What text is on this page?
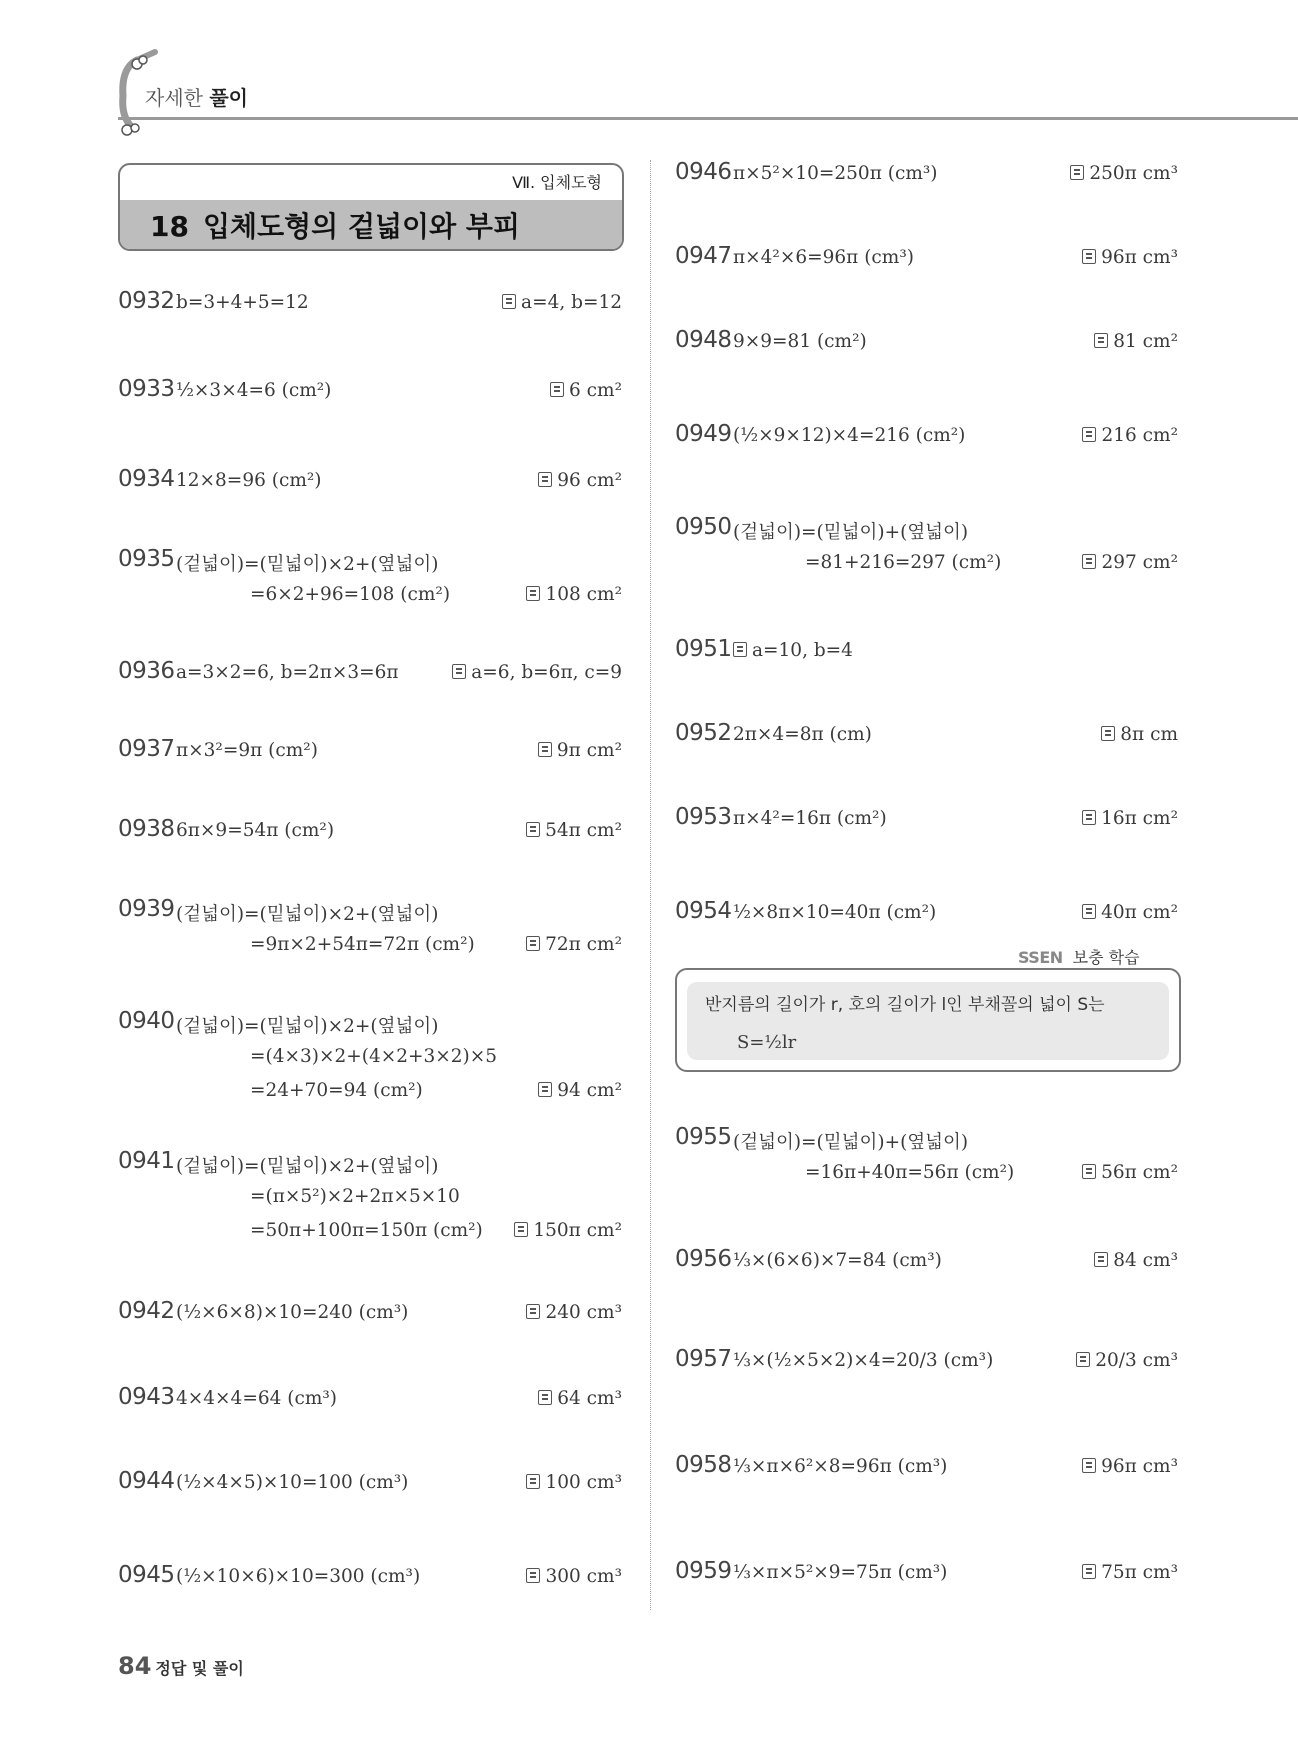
자세한 풀이
Ⅶ. 입체도형
18 입체도형의 겉넓이와 부피
0932 b=3+4+5=12	a=4, b=12
0933 ½×3×4=6 (cm²)	6 cm²
0934 12×8=96 (cm²)	96 cm²
0935 (겉넓이)=(밑넓이)×2+(옆넓이)
=6×2+96=108 (cm²)	108 cm²
0936 a=3×2=6, b=2π×3=6π	a=6, b=6π, c=9
0937 π×3²=9π (cm²)	9π cm²
0938 6π×9=54π (cm²)	54π cm²
0939 (겉넓이)=(밑넓이)×2+(옆넓이)
=9π×2+54π=72π (cm²)	72π cm²
0940 (겉넓이)=(밑넓이)×2+(옆넓이)
=(4×3)×2+(4×2+3×2)×5
=24+70=94 (cm²)	94 cm²
0941 (겉넓이)=(밑넓이)×2+(옆넓이)
=(π×5²)×2+2π×5×10
=50π+100π=150π (cm²)	150π cm²
0942 (½×6×8)×10=240 (cm³)	240 cm³
0943 4×4×4=64 (cm³)	64 cm³
0944 (½×4×5)×10=100 (cm³)	100 cm³
0945 (½×10×6)×10=300 (cm³)	300 cm³
0946 π×5²×10=250π (cm³)	250π cm³
0947 π×4²×6=96π (cm³)	96π cm³
0948 9×9=81 (cm²)	81 cm²
0949 (½×9×12)×4=216 (cm²)	216 cm²
0950 (겉넓이)=(밑넓이)+(옆넓이)
=81+216=297 (cm²)	297 cm²
0951	a=10, b=4
0952 2π×4=8π (cm)	8π cm
0953 π×4²=16π (cm²)	16π cm²
0954 ½×8π×10=40π (cm²)	40π cm²
0955 (겉넓이)=(밑넓이)+(옆넓이)
=16π+40π=56π (cm²)	56π cm²
0956 ⅓×(6×6)×7=84 (cm³)	84 cm³
0957 ⅓×(½×5×2)×4=20/3 (cm³)	20/3 cm³
0958 ⅓×π×6²×8=96π (cm³)	96π cm³
0959 ⅓×π×5²×9=75π (cm³)	75π cm³
SSEN 보충 학습
반지름의 길이가 r, 호의 길이가 l인 부채꼴의 넓이 S는
S=½lr
84 정답 및 풀이
